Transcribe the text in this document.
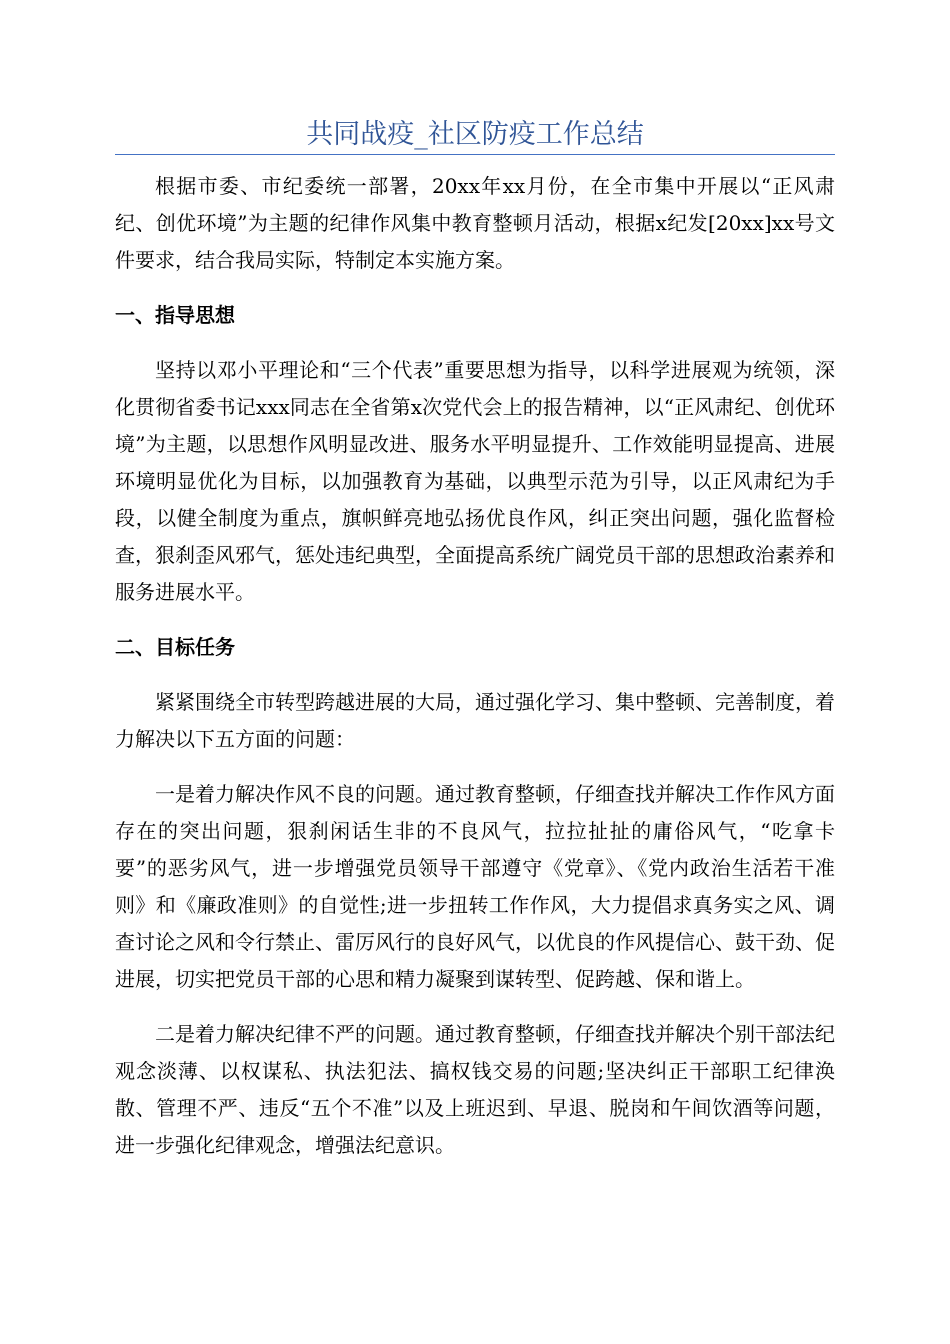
共同战疫_社区防疫工作总结

根据市委、市纪委统一部署，20xx年xx月份，在全市集中开展以“正风肃纪、创优环境”为主题的纪律作风集中教育整顿月活动，根据x纪发[20xx]xx号文件要求，结合我局实际，特制定本实施方案。

一、指导思想

坚持以邓小平理论和“三个代表”重要思想为指导，以科学进展观为统领，深化贯彻省委书记xxx同志在全省第x次党代会上的报告精神，以“正风肃纪、创优环境”为主题，以思想作风明显改进、服务水平明显提升、工作效能明显提高、进展环境明显优化为目标，以加强教育为基础，以典型示范为引导，以正风肃纪为手段，以健全制度为重点，旗帜鲜亮地弘扬优良作风，纠正突出问题，强化监督检查，狠刹歪风邪气，惩处违纪典型，全面提高系统广阔党员干部的思想政治素养和服务进展水平。

二、目标任务

紧紧围绕全市转型跨越进展的大局，通过强化学习、集中整顿、完善制度，着力解决以下五方面的问题：

一是着力解决作风不良的问题。通过教育整顿，仔细查找并解决工作作风方面存在的突出问题，狠刹闲话生非的不良风气，拉拉扯扯的庸俗风气，“吃拿卡要”的恶劣风气，进一步增强党员领导干部遵守《党章》、《党内政治生活若干准则》和《廉政准则》的自觉性;进一步扭转工作作风，大力提倡求真务实之风、调查讨论之风和令行禁止、雷厉风行的良好风气，以优良的作风提信心、鼓干劲、促进展，切实把党员干部的心思和精力凝聚到谋转型、促跨越、保和谐上。

二是着力解决纪律不严的问题。通过教育整顿，仔细查找并解决个别干部法纪观念淡薄、以权谋私、执法犯法、搞权钱交易的问题;坚决纠正干部职工纪律涣散、管理不严、违反“五个不准”以及上班迟到、早退、脱岗和午间饮酒等问题，进一步强化纪律观念，增强法纪意识。
